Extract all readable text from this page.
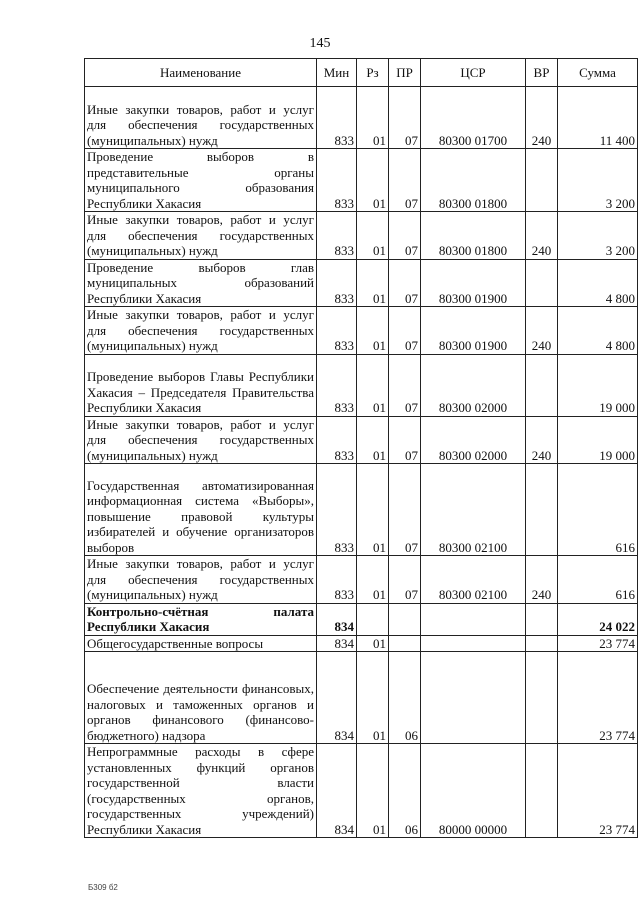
145
Наименование	Мин	Рз	ПР	ЦСР	ВР	Сумма
Иные закупки товаров, работ и услуг для обеспечения государственных (муниципальных) нужд	833	01	07	80300 01700	240	11 400
Проведение выборов в представительные органы муниципального образования Республики Хакасия	833	01	07	80300 01800		3 200
Иные закупки товаров, работ и услуг для обеспечения государственных (муниципальных) нужд	833	01	07	80300 01800	240	3 200
Проведение выборов глав муниципальных образований Республики Хакасия	833	01	07	80300 01900		4 800
Иные закупки товаров, работ и услуг для обеспечения государственных (муниципальных) нужд	833	01	07	80300 01900	240	4 800
Проведение выборов Главы Республики Хакасия – Председателя Правительства Республики Хакасия	833	01	07	80300 02000		19 000
Иные закупки товаров, работ и услуг для обеспечения государственных (муниципальных) нужд	833	01	07	80300 02000	240	19 000
Государственная автоматизированная информационная система «Выборы», повышение правовой культуры избирателей и обучение организаторов выборов	833	01	07	80300 02100		616
Иные закупки товаров, работ и услуг для обеспечения государственных (муниципальных) нужд	833	01	07	80300 02100	240	616
Контрольно-счётная палата Республики Хакасия	834					24 022
Общегосударственные вопросы	834	01				23 774
Обеспечение деятельности финансовых, налоговых и таможенных органов и органов финансового (финансово-бюджетного) надзора	834	01	06			23 774
Непрограммные расходы в сфере установленных функций органов государственной власти (государственных органов, государственных учреждений) Республики Хакасия	834	01	06	80000 00000		23 774
Б309 б2
